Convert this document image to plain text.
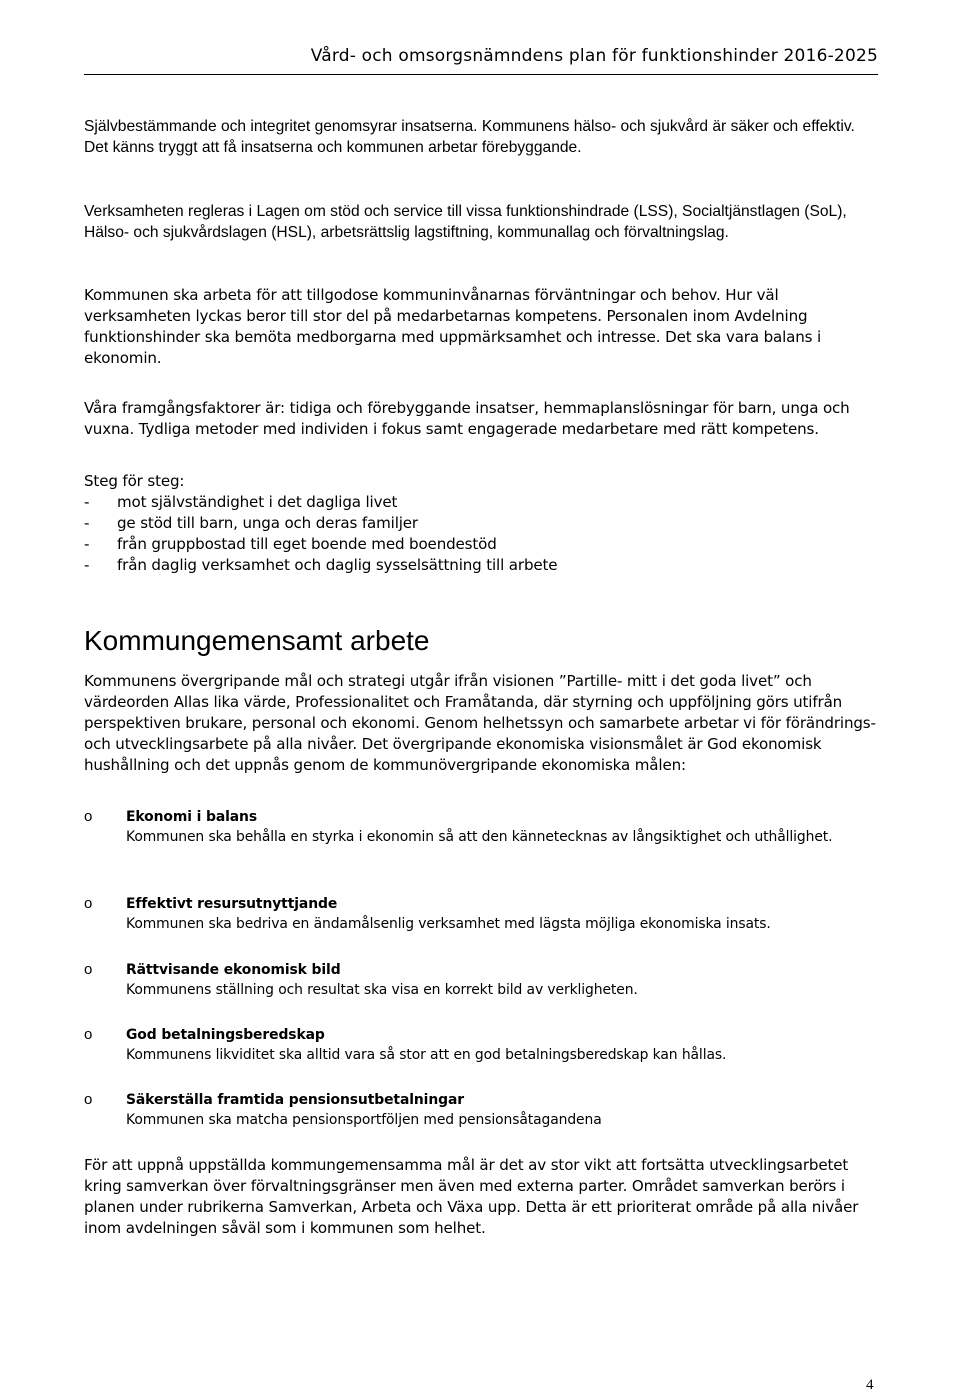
Vård- och omsorgsnämndens plan för funktionshinder 2016-2025

Självbestämmande och integritet genomsyrar insatserna. Kommunens hälso- och sjukvård är säker och effektiv. Det känns tryggt att få insatserna och kommunen arbetar förebyggande.

Verksamheten regleras i Lagen om stöd och service till vissa funktionshindrade (LSS), Socialtjänstlagen (SoL), Hälso- och sjukvårdslagen (HSL), arbetsrättslig lagstiftning, kommunallag och förvaltningslag.

Kommunen ska arbeta för att tillgodose kommuninvånarnas förväntningar och behov. Hur väl verksamheten lyckas beror till stor del på medarbetarnas kompetens. Personalen inom Avdelning funktionshinder ska bemöta medborgarna med uppmärksamhet och intresse. Det ska vara balans i ekonomin.

Våra framgångsfaktorer är: tidiga och förebyggande insatser, hemmaplanslösningar för barn, unga och vuxna. Tydliga metoder med individen i fokus samt engagerade medarbetare med rätt kompetens.

Steg för steg:

- mot självständighet i det dagliga livet
- ge stöd till barn, unga och deras familjer
- från gruppbostad till eget boende med boendestöd
- från daglig verksamhet och daglig sysselsättning till arbete
Kommungemensamt arbete

Kommunens övergripande mål och strategi utgår ifrån visionen ”Partille- mitt i det goda livet” och värdeorden Allas lika värde, Professionalitet och Framåtanda, där styrning och uppföljning görs utifrån perspektiven brukare, personal och ekonomi. Genom helhetssyn och samarbete arbetar vi för förändrings- och utvecklingsarbete på alla nivåer. Det övergripande ekonomiska visionsmålet är God ekonomisk hushållning och det uppnås genom de kommunövergripande ekonomiska målen:

o Ekonomi i balans
Kommunen ska behålla en styrka i ekonomin så att den kännetecknas av långsiktighet och uthållighet.
o Effektivt resursutnyttjande
Kommunen ska bedriva en ändamålsenlig verksamhet med lägsta möjliga ekonomiska insats.
o Rättvisande ekonomisk bild
Kommunens ställning och resultat ska visa en korrekt bild av verkligheten.
o God betalningsberedskap
Kommunens likviditet ska alltid vara så stor att en god betalningsberedskap kan hållas.
o Säkerställa framtida pensionsutbetalningar
Kommunen ska matcha pensionsportföljen med pensionsåtagandena

För att uppnå uppställda kommungemensamma mål är det av stor vikt att fortsätta utvecklingsarbetet kring samverkan över förvaltningsgränser men även med externa parter. Området samverkan berörs i planen under rubrikerna Samverkan, Arbeta och Växa upp. Detta är ett prioriterat område på alla nivåer inom avdelningen såväl som i kommunen som helhet.

4
